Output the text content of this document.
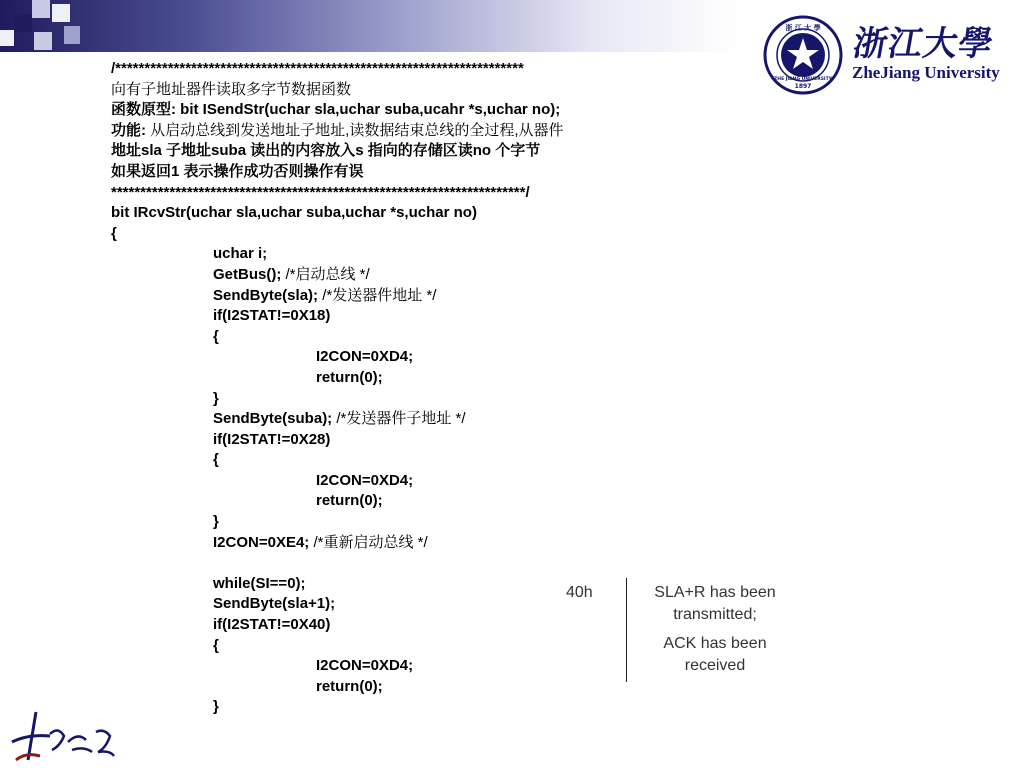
浙 江 大 學
1897
ZHE JIANG UNIVERSITY
浙江大學
ZheJiang University
/**********************************************************************
向有子地址器件读取多字节数据函数
函数原型: bit ISendStr(uchar sla,uchar suba,ucahr *s,uchar no);
功能: 从启动总线到发送地址子地址,读数据结束总线的全过程,从器件
地址sla 子地址suba 读出的内容放入s 指向的存储区读no 个字节
如果返回1 表示操作成功否则操作有误
***********************************************************************/
bit IRcvStr(uchar sla,uchar suba,uchar *s,uchar no)
{
uchar i;
GetBus(); /*启动总线 */
SendByte(sla); /*发送器件地址 */
if(I2STAT!=0X18)
{
I2CON=0XD4;
return(0);
}
SendByte(suba); /*发送器件子地址 */
if(I2STAT!=0X28)
{
I2CON=0XD4;
return(0);
}
I2CON=0XE4; /*重新启动总线 */
while(SI==0);
SendByte(sla+1);
if(I2STAT!=0X40)
{
I2CON=0XD4;
return(0);
}
40h	SLA+R has been
transmitted;
ACK has been
received
